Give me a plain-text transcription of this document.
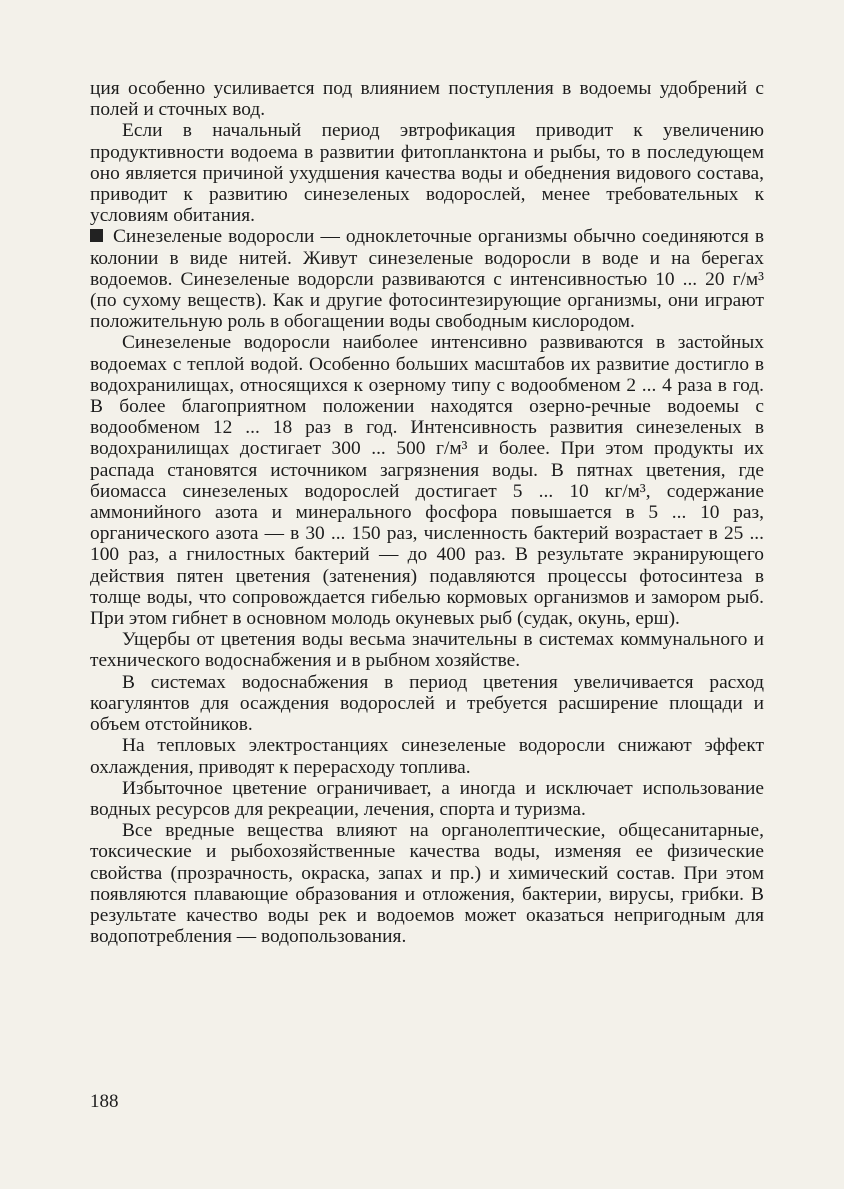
ция особенно усиливается под влиянием поступления в водоемы удобрений с полей и сточных вод.

Если в начальный период эвтрофикация приводит к увеличению продуктивности водоема в развитии фитопланктона и рыбы, то в последующем оно является причиной ухудшения качества воды и обеднения видового состава, приводит к развитию синезеленых водорослей, менее требовательных к условиям обитания.

Синезеленые водоросли — одноклеточные организмы обычно соединяются в колонии в виде нитей. Живут синезеленые водоросли в воде и на берегах водоемов. Синезеленые водорсли развиваются с интенсивностью 10 ... 20 г/м³ (по сухому веществ). Как и другие фотосинтезирующие организмы, они играют положительную роль в обогащении воды свободным кислородом.

Синезеленые водоросли наиболее интенсивно развиваются в застойных водоемах с теплой водой. Особенно больших масштабов их развитие достигло в водохранилищах, относящихся к озерному типу с водообменом 2 ... 4 раза в год. В более благоприятном положении находятся озерно-речные водоемы с водообменом 12 ... 18 раз в год. Интенсивность развития синезеленых в водохранилищах достигает 300 ... 500 г/м³ и более. При этом продукты их распада становятся источником загрязнения воды. В пятнах цветения, где биомасса синезеленых водорослей достигает 5 ... 10 кг/м³, содержание аммонийного азота и минерального фосфора повышается в 5 ... 10 раз, органического азота — в 30 ... 150 раз, численность бактерий возрастает в 25 ... 100 раз, а гнилостных бактерий — до 400 раз. В результате экранирующего действия пятен цветения (затенения) подавляются процессы фотосинтеза в толще воды, что сопровождается гибелью кормовых организмов и замором рыб. При этом гибнет в основном молодь окуневых рыб (судак, окунь, ерш).

Ущербы от цветения воды весьма значительны в системах коммунального и технического водоснабжения и в рыбном хозяйстве.

В системах водоснабжения в период цветения увеличивается расход коагулянтов для осаждения водорослей и требуется расширение площади и объем отстойников.

На тепловых электростанциях синезеленые водоросли снижают эффект охлаждения, приводят к перерасходу топлива.

Избыточное цветение ограничивает, а иногда и исключает использование водных ресурсов для рекреации, лечения, спорта и туризма.

Все вредные вещества влияют на органолептические, общесанитарные, токсические и рыбохозяйственные качества воды, изменяя ее физические свойства (прозрачность, окраска, запах и пр.) и химический состав. При этом появляются плавающие образования и отложения, бактерии, вирусы, грибки. В результате качество воды рек и водоемов может оказаться непригодным для водопотребления — водопользования.

188
